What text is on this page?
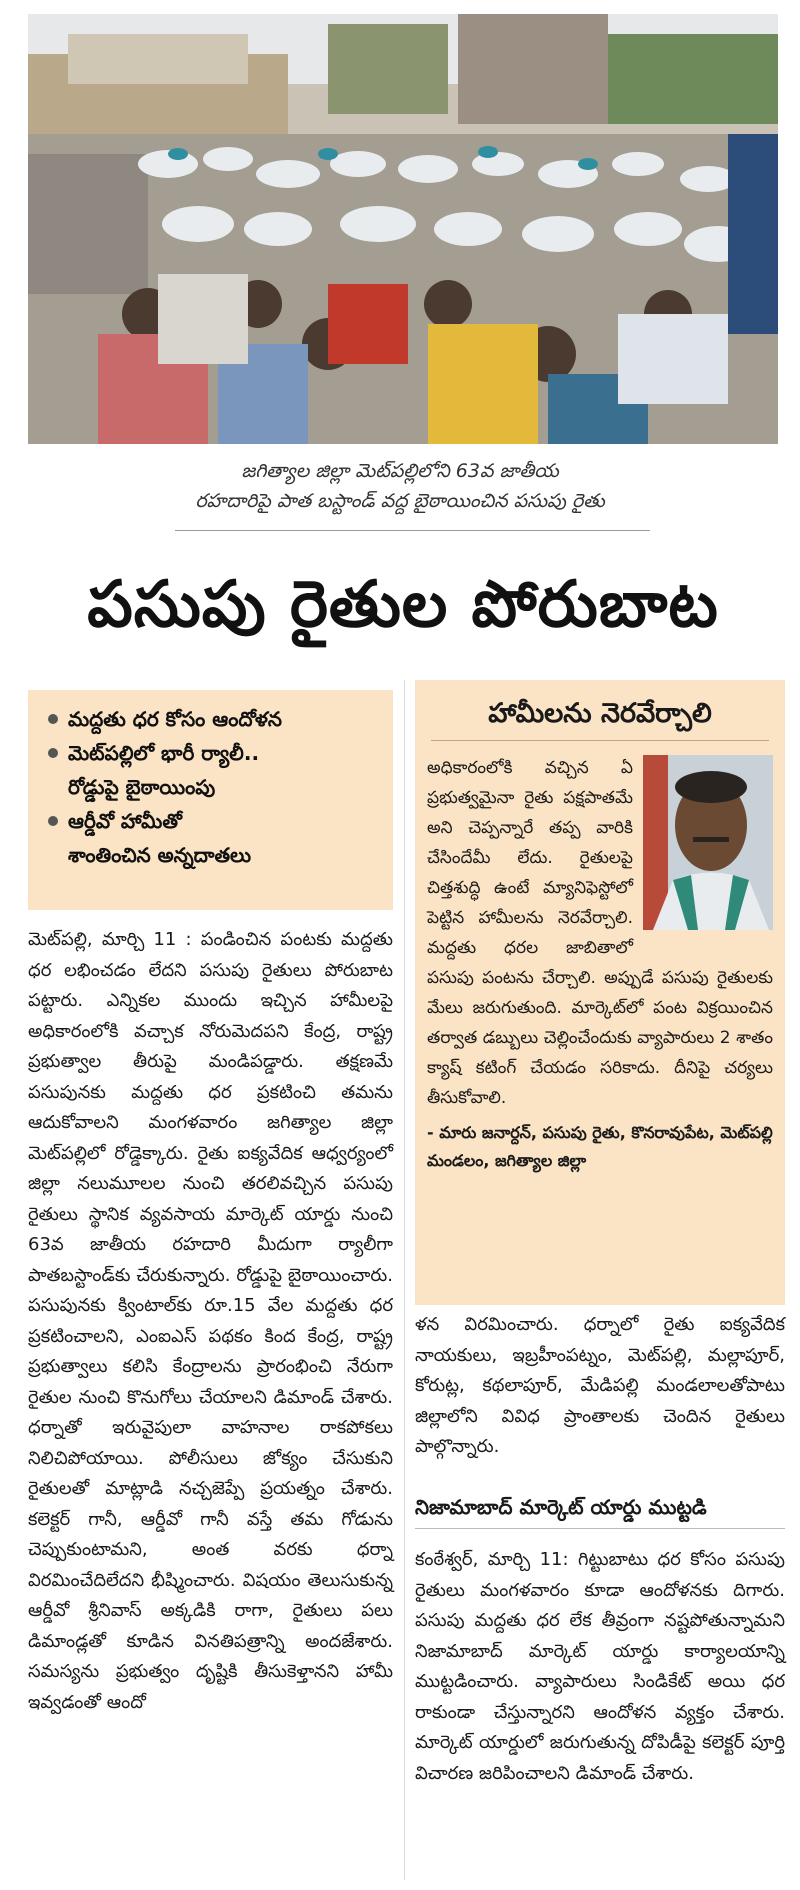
జగిత్యాల జిల్లా మెట్‌పల్లిలోని 63వ జాతీయ
రహదారిపై పాత బస్టాండ్ వద్ద బైఠాయించిన పసుపు రైతు
పసుపు రైతుల పోరుబాట
మద్దతు ధర కోసం ఆందోళన
మెట్‌పల్లిలో భారీ ర్యాలీ..
రోడ్డుపై బైఠాయింపు
ఆర్డీవో హామీతో
శాంతించిన అన్నదాతలు
హామీలను నెరవేర్చాలి
అధికారంలోకి వచ్చిన ఏ ప్రభుత్వమైనా రైతు పక్షపాతమే అని చెప్పన్నారే తప్ప వారికి చేసిందేమీ లేదు. రైతులపై చిత్తశుద్ధి ఉంటే మ్యానిఫెస్టోలో పెట్టిన హామీలను నెరవేర్చాలి. మద్దతు ధరల జాబితాలో పసుపు పంటను చేర్చాలి. అప్పుడే పసుపు రైతులకు మేలు జరుగుతుంది. మార్కెట్‌లో పంట విక్రయించిన తర్వాత డబ్బులు చెల్లించేందుకు వ్యాపారులు 2 శాతం క్యాష్ కటింగ్ చేయడం సరికాదు. దీనిపై చర్యలు తీసుకోవాలి.
- మారు జనార్దన్, పసుపు రైతు, కొనరావుపేట, మెట్‌పల్లి మండలం, జగిత్యాల జిల్లా
మెట్‌పల్లి, మార్చి 11 : పండించిన పంటకు మద్దతు ధర లభించడం లేదని పసుపు రైతులు పోరుబాట పట్టారు. ఎన్నికల ముందు ఇచ్చిన హామీలపై అధికారంలోకి వచ్చాక నోరుమెదపని కేంద్ర, రాష్ట్ర ప్రభుత్వాల తీరుపై మండిపడ్డారు. తక్షణమే పసుపునకు మద్దతు ధర ప్రకటించి తమను ఆదుకోవాలని మంగళవారం జగిత్యాల జిల్లా మెట్‌పల్లిలో రోడ్డెక్కారు. రైతు ఐక్యవేదిక ఆధ్వర్యంలో జిల్లా నలుమూలల నుంచి తరలివచ్చిన పసుపు రైతులు స్థానిక వ్యవసాయ మార్కెట్ యార్డు నుంచి 63వ జాతీయ రహదారి మీదుగా ర్యాలీగా పాతబస్టాండ్‌కు చేరుకున్నారు. రోడ్డుపై బైఠాయించారు. పసుపునకు క్వింటాల్‌కు రూ.15 వేల మద్దతు ధర ప్రకటించాలని, ఎంఐఎస్ పథకం కింద కేంద్ర, రాష్ట్ర ప్రభుత్వాలు కలిసి కేంద్రాలను ప్రారంభించి నేరుగా రైతుల నుంచి కొనుగోలు చేయాలని డిమాండ్ చేశారు. ధర్నాతో ఇరువైపులా వాహనాల రాకపోకలు నిలిచిపోయాయి. పోలీసులు జోక్యం చేసుకుని రైతులతో మాట్లాడి నచ్చజెప్పే ప్రయత్నం చేశారు. కలెక్టర్ గానీ, ఆర్డీవో గానీ వస్తే తమ గోడును చెప్పుకుంటామని, అంత వరకు ధర్నా విరమించేదిలేదని భీష్మించారు. విషయం తెలుసుకున్న ఆర్డీవో శ్రీనివాస్ అక్కడికి రాగా, రైతులు పలు డిమాండ్లతో కూడిన వినతిపత్రాన్ని అందజేశారు. సమస్యను ప్రభుత్వం దృష్టికి తీసుకెళ్తానని హామీ ఇవ్వడంతో ఆందో
ళన విరమించారు. ధర్నాలో రైతు ఐక్యవేదిక నాయకులు, ఇబ్రహీంపట్నం, మెట్‌పల్లి, మల్లాపూర్, కోరుట్ల, కథలాపూర్, మేడిపల్లి మండలాలతోపాటు జిల్లాలోని వివిధ ప్రాంతాలకు చెందిన రైతులు పాల్గొన్నారు.
నిజామాబాద్ మార్కెట్ యార్డు ముట్టడి
కంఠేశ్వర్, మార్చి 11: గిట్టుబాటు ధర కోసం పసుపు రైతులు మంగళవారం కూడా ఆందోళనకు దిగారు. పసుపు మద్దతు ధర లేక తీవ్రంగా నష్టపోతున్నామని నిజామాబాద్ మార్కెట్ యార్డు కార్యాలయాన్ని ముట్టడించారు. వ్యాపారులు సిండికేట్ అయి ధర రాకుండా చేస్తున్నారని ఆందోళన వ్యక్తం చేశారు. మార్కెట్ యార్డులో జరుగుతున్న దోపిడీపై కలెక్టర్ పూర్తి విచారణ జరిపించాలని డిమాండ్ చేశారు.
